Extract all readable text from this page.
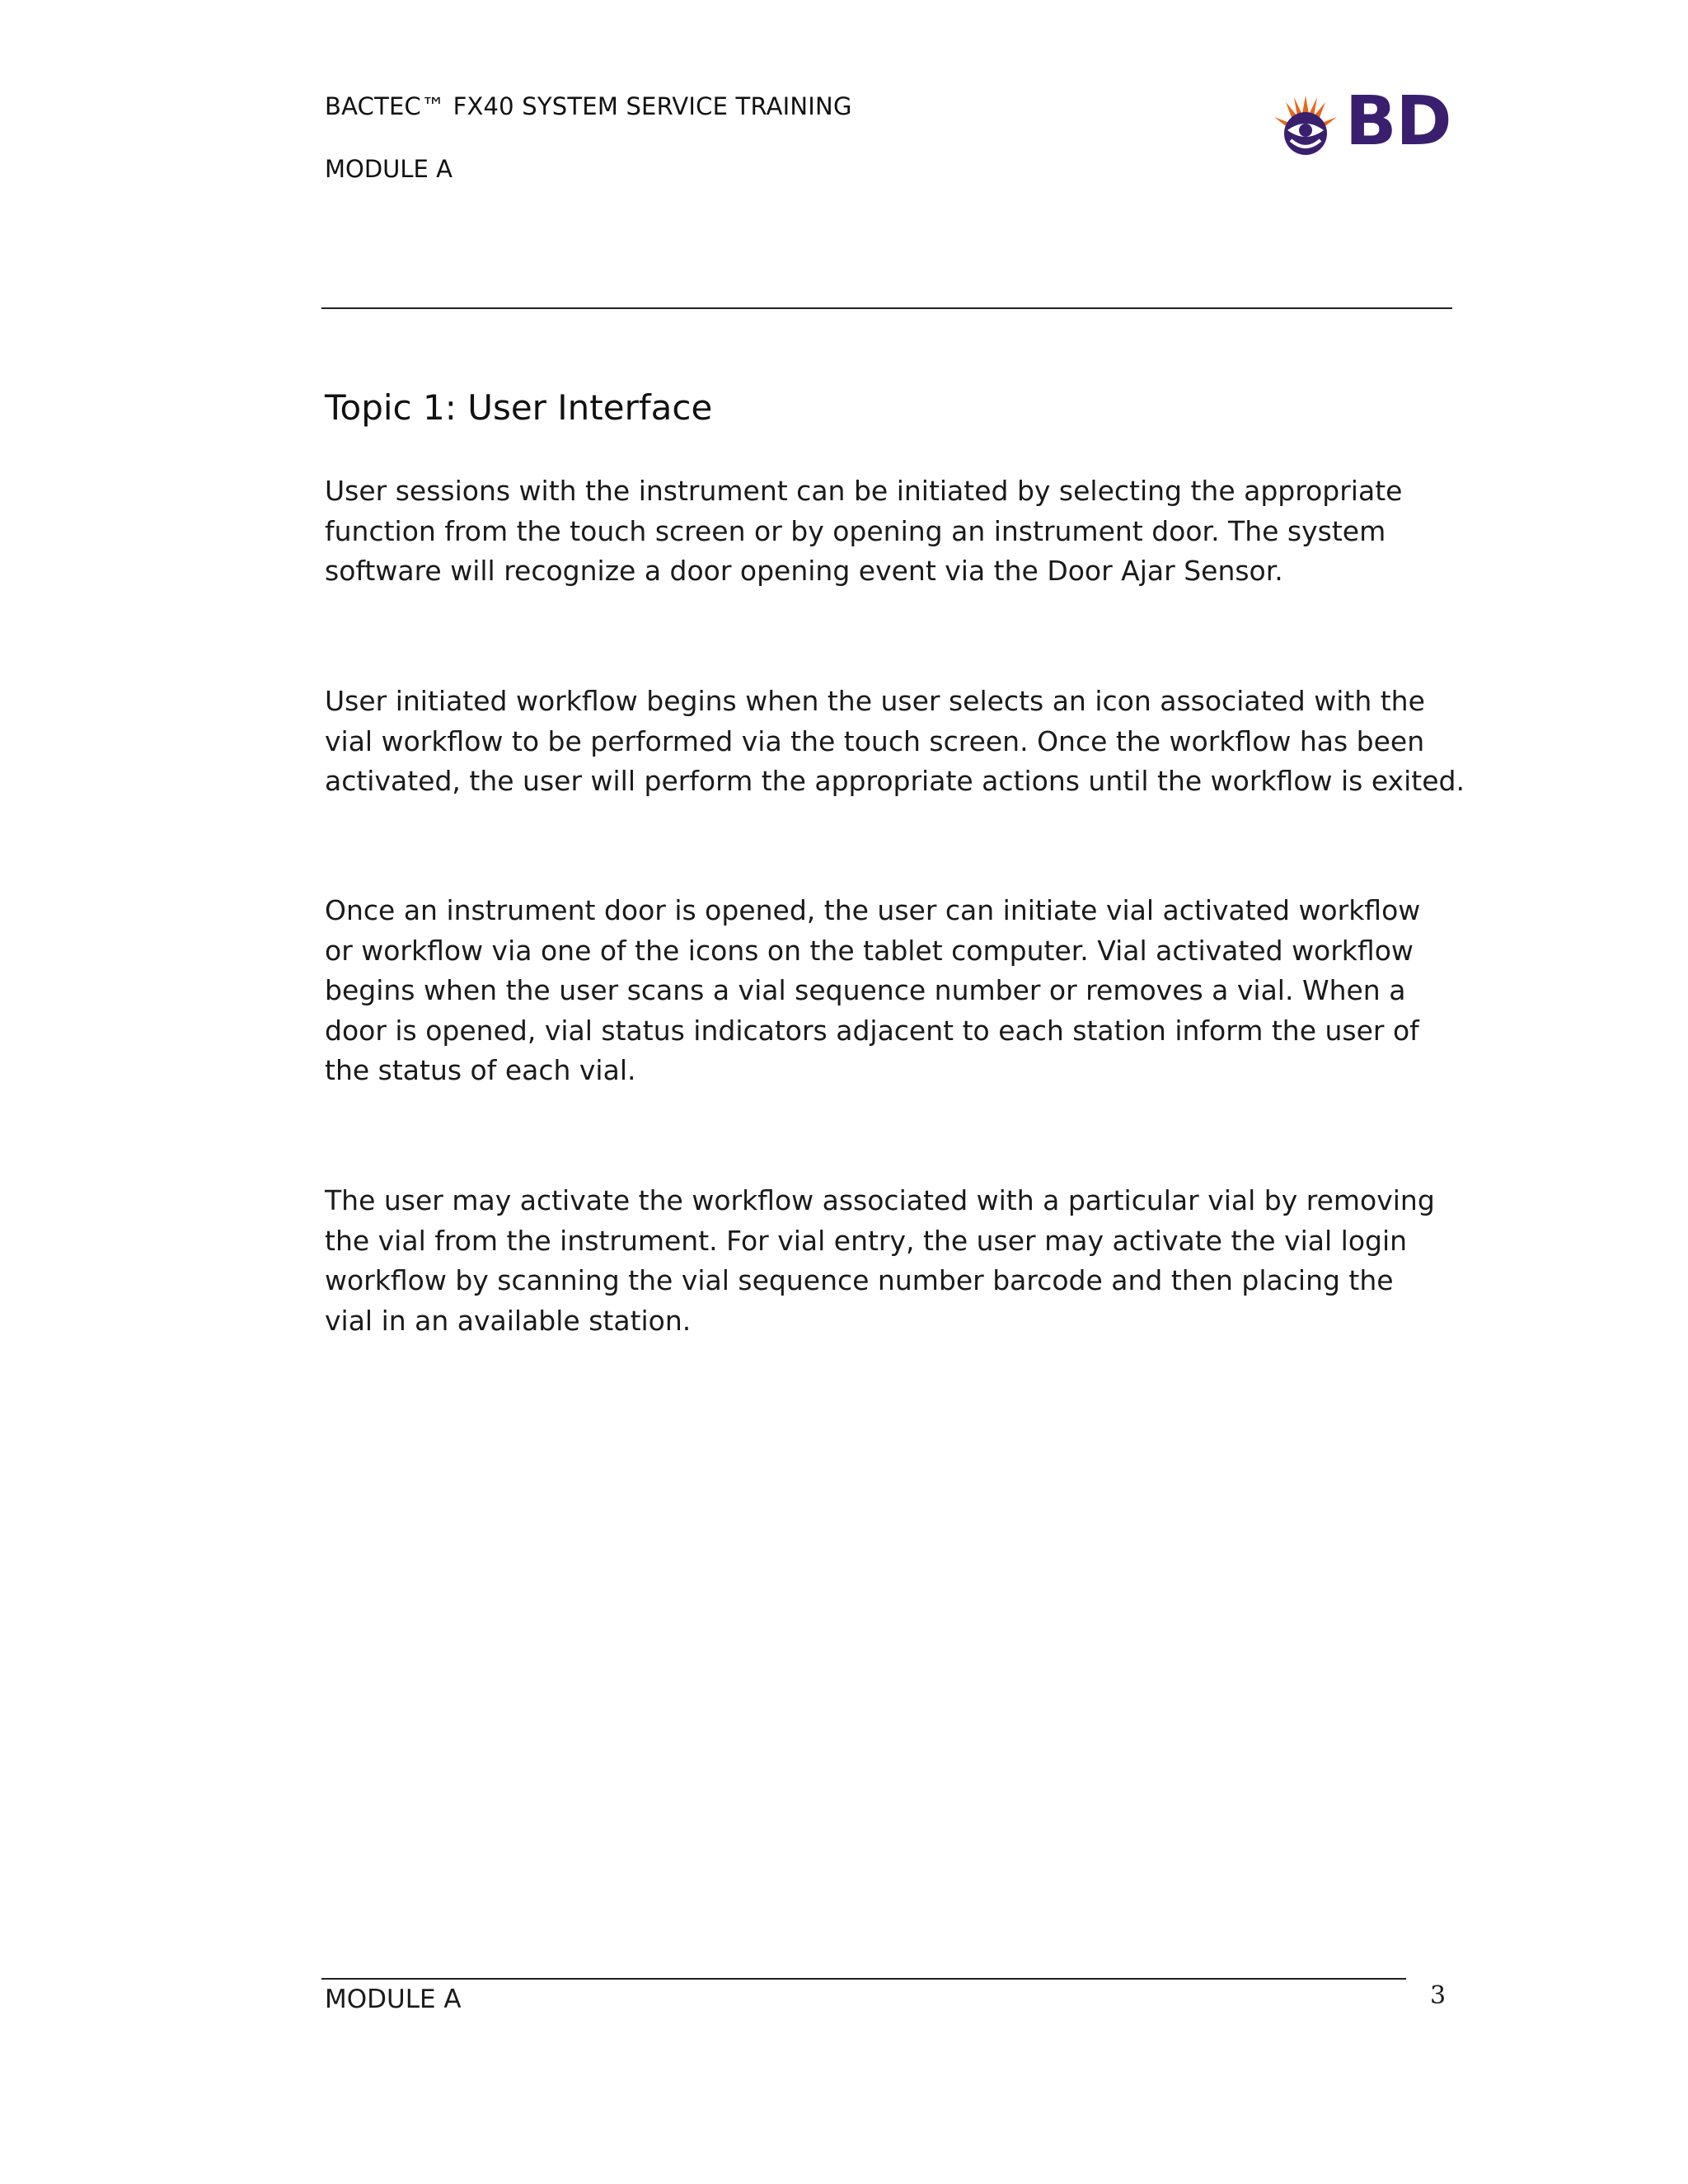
BACTEC™ FX40 SYSTEM SERVICE TRAINING
MODULE A
BD
Topic 1: User Interface

User sessions with the instrument can be initiated by selecting the appropriate
function from the touch screen or by opening an instrument door. The system
software will recognize a door opening event via the Door Ajar Sensor.

User initiated workflow begins when the user selects an icon associated with the
vial workflow to be performed via the touch screen. Once the workflow has been
activated, the user will perform the appropriate actions until the workflow is exited.

Once an instrument door is opened, the user can initiate vial activated workflow
or workflow via one of the icons on the tablet computer. Vial activated workflow
begins when the user scans a vial sequence number or removes a vial. When a
door is opened, vial status indicators adjacent to each station inform the user of
the status of each vial.

The user may activate the workflow associated with a particular vial by removing
the vial from the instrument. For vial entry, the user may activate the vial login
workflow by scanning the vial sequence number barcode and then placing the
vial in an available station.

MODULE A	3
